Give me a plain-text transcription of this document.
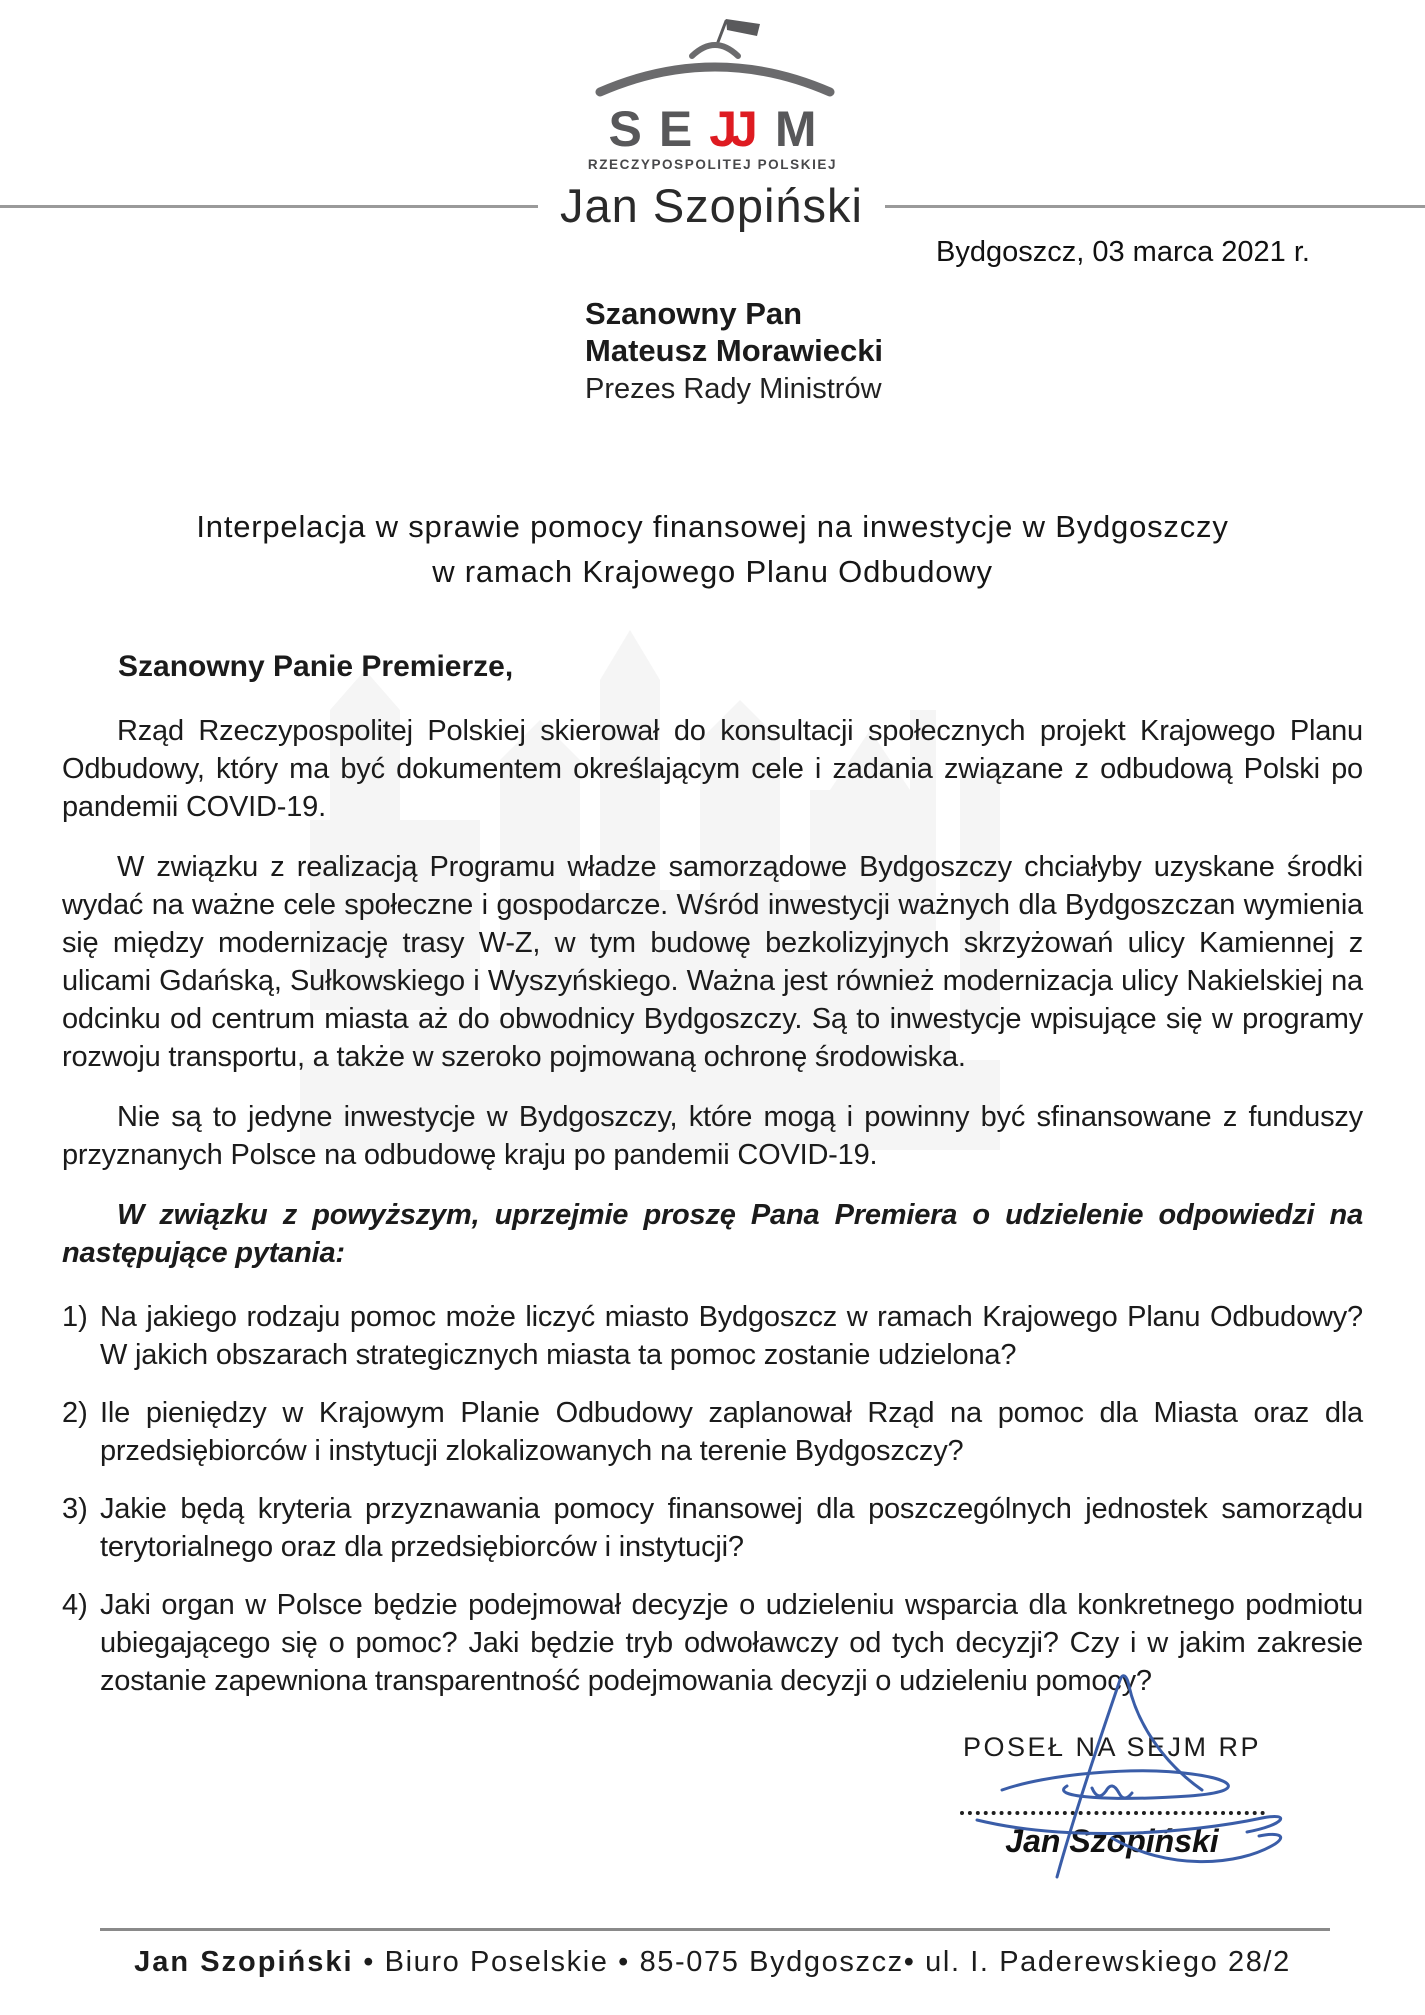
SE JJ M
RZECZYPOSPOLITEJ POLSKIEJ
Jan Szopiński
Bydgoszcz, 03 marca 2021 r.
Szanowny Pan
Mateusz Morawiecki
Prezes Rady Ministrów
Interpelacja w sprawie pomocy finansowej na inwestycje w Bydgoszczy
w ramach Krajowego Planu Odbudowy

Szanowny Panie Premierze,

Rząd Rzeczypospolitej Polskiej skierował do konsultacji społecznych projekt Krajowego Planu Odbudowy, który ma być dokumentem określającym cele i zadania związane z odbudową Polski po pandemii COVID-19.

W związku z realizacją Programu władze samorządowe Bydgoszczy chciałyby uzyskane środki wydać na ważne cele społeczne i gospodarcze. Wśród inwestycji ważnych dla Bydgoszczan wymienia się między modernizację trasy W-Z, w tym budowę bezkolizyjnych skrzyżowań ulicy Kamiennej z ulicami Gdańską, Sułkowskiego i Wyszyńskiego. Ważna jest również modernizacja ulicy Nakielskiej na odcinku od centrum miasta aż do obwodnicy Bydgoszczy. Są to inwestycje wpisujące się w programy rozwoju transportu, a także w szeroko pojmowaną ochronę środowiska.

Nie są to jedyne inwestycje w Bydgoszczy, które mogą i powinny być sfinansowane z funduszy przyznanych Polsce na odbudowę kraju po pandemii COVID-19.

W związku z powyższym, uprzejmie proszę Pana Premiera o udzielenie odpowiedzi na następujące pytania:

1) Na jakiego rodzaju pomoc może liczyć miasto Bydgoszcz w ramach Krajowego Planu Odbudowy? W jakich obszarach strategicznych miasta ta pomoc zostanie udzielona?
2) Ile pieniędzy w Krajowym Planie Odbudowy zaplanował Rząd na pomoc dla Miasta oraz dla przedsiębiorców i instytucji zlokalizowanych na terenie Bydgoszczy?
3) Jakie będą kryteria przyznawania pomocy finansowej dla poszczególnych jednostek samorządu terytorialnego oraz dla przedsiębiorców i instytucji?
4) Jaki organ w Polsce będzie podejmował decyzje o udzieleniu wsparcia dla konkretnego podmiotu ubiegającego się o pomoc? Jaki będzie tryb odwoławczy od tych decyzji? Czy i w jakim zakresie zostanie zapewniona transparentność podejmowania decyzji o udzieleniu pomocy?
POSEŁ NA SEJM RP
Jan Szopiński
Jan Szopiński • Biuro Poselskie • 85-075 Bydgoszcz• ul. I. Paderewskiego 28/2
